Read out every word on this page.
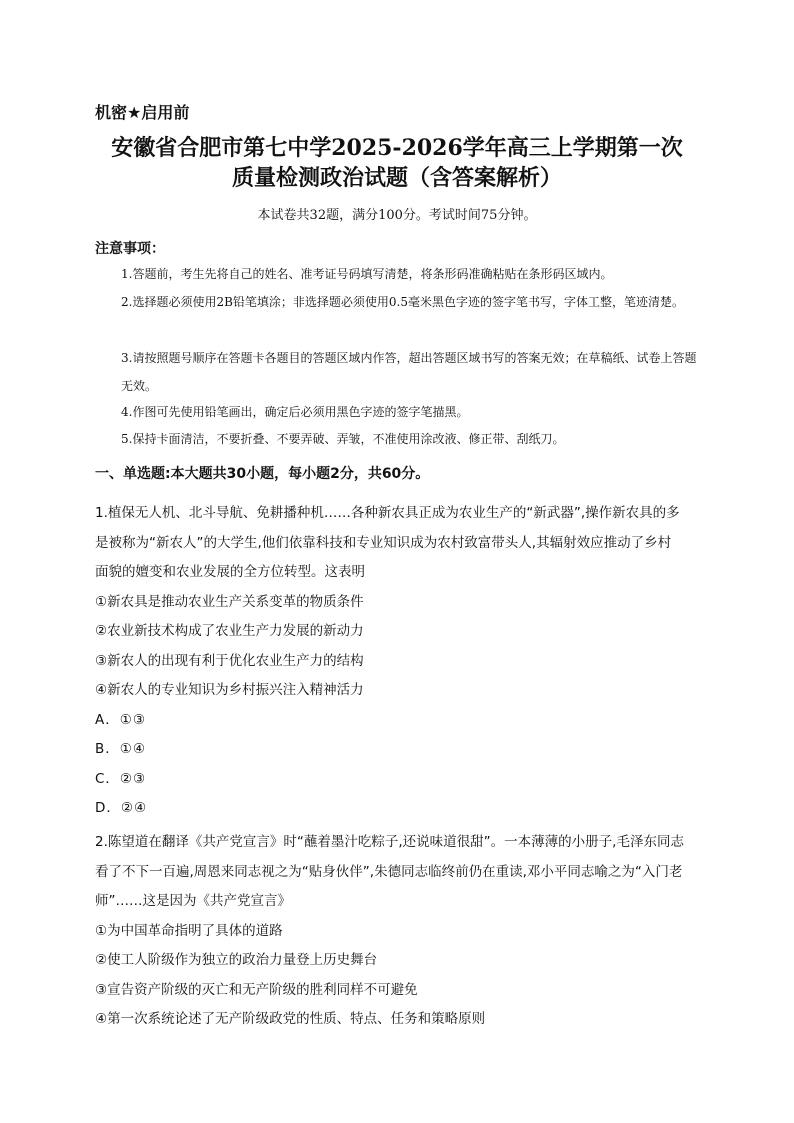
机密★启用前
安徽省合肥市第七中学2025-2026学年高三上学期第一次
质量检测政治试题（含答案解析）
本试卷共32题，满分100分。考试时间75分钟。
注意事项：
1.答题前，考生先将自己的姓名、准考证号码填写清楚，将条形码准确粘贴在条形码区域内。
2.选择题必须使用2B铅笔填涂；非选择题必须使用0.5毫米黑色字迹的签字笔书写，字体工整，笔迹清楚。
3.请按照题号顺序在答题卡各题目的答题区域内作答，超出答题区域书写的答案无效；在草稿纸、试卷上答题无效。
4.作图可先使用铅笔画出，确定后必须用黑色字迹的签字笔描黑。
5.保持卡面清洁，不要折叠、不要弄破、弄皱，不准使用涂改液、修正带、刮纸刀。
一、单选题:本大题共30小题，每小题2分，共60分。
1.植保无人机、北斗导航、免耕播种机……各种新农具正成为农业生产的“新武器”,操作新农具的多
是被称为“新农人”的大学生,他们依靠科技和专业知识成为农村致富带头人,其辐射效应推动了乡村
面貌的嬗变和农业发展的全方位转型。这表明
①新农具是推动农业生产关系变革的物质条件
②农业新技术构成了农业生产力发展的新动力
③新农人的出现有利于优化农业生产力的结构
④新农人的专业知识为乡村振兴注入精神活力
A．①③
B．①④
C．②③
D．②④
2.陈望道在翻译《共产党宣言》时“蘸着墨汁吃粽子,还说味道很甜”。一本薄薄的小册子,毛泽东同志
看了不下一百遍,周恩来同志视之为“贴身伙伴”,朱德同志临终前仍在重读,邓小平同志喻之为“入门老
师”……这是因为《共产党宣言》
①为中国革命指明了具体的道路
②使工人阶级作为独立的政治力量登上历史舞台
③宣告资产阶级的灭亡和无产阶级的胜利同样不可避免
④第一次系统论述了无产阶级政党的性质、特点、任务和策略原则
